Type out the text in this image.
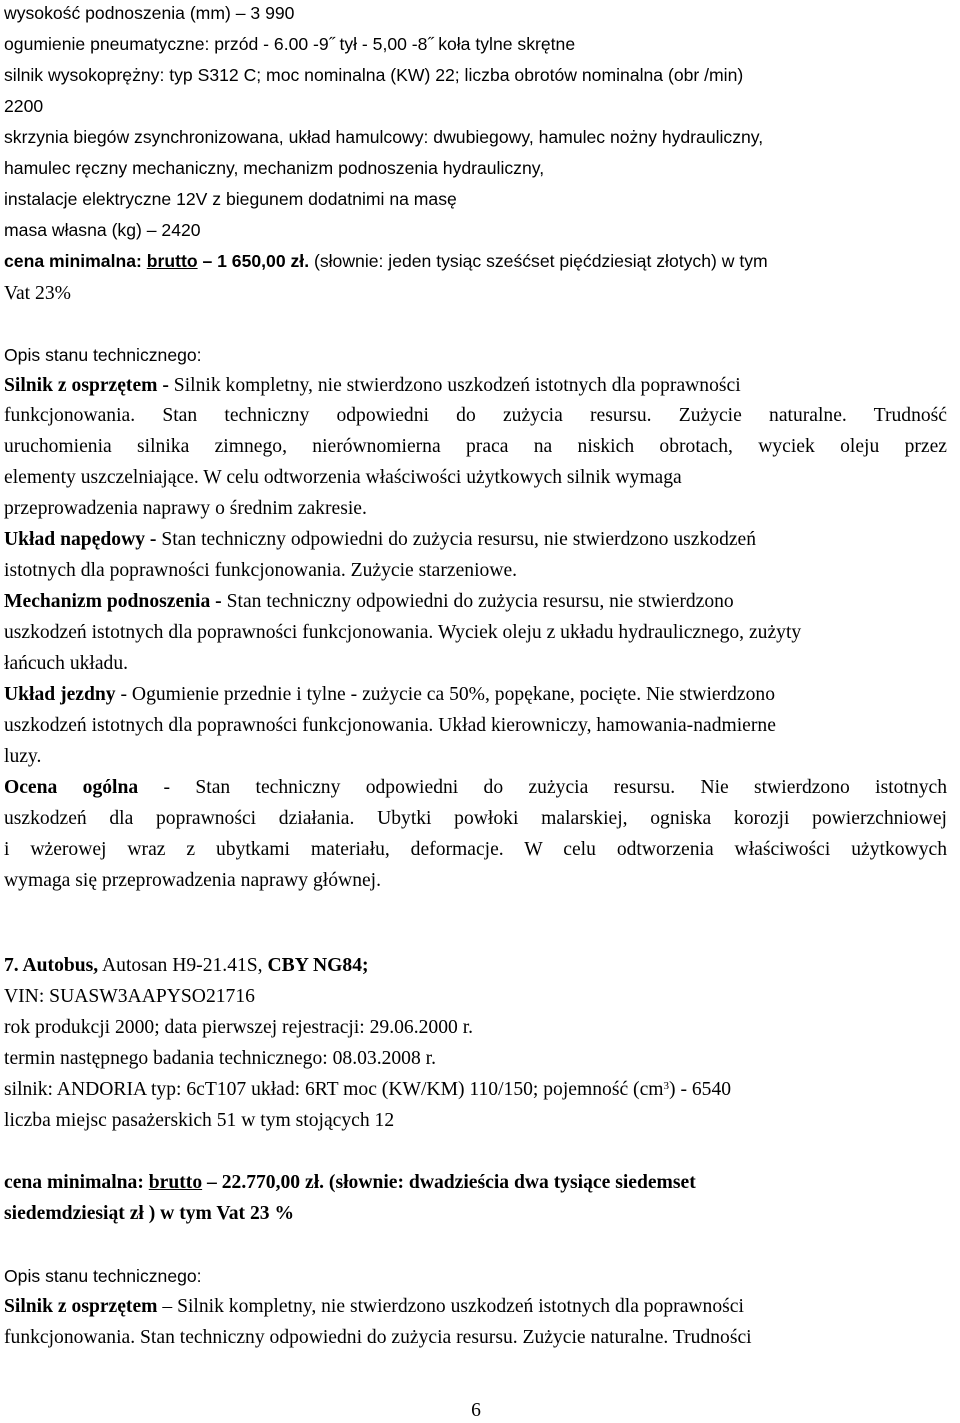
wysokość podnoszenia (mm) – 3 990
ogumienie pneumatyczne: przód - 6.00 -9˝ tył - 5,00 -8˝ koła tylne skrętne
silnik wysokoprężny: typ S312 C; moc nominalna (KW) 22; liczba obrotów nominalna (obr /min)
2200
skrzynia biegów zsynchronizowana, układ hamulcowy: dwubiegowy, hamulec nożny hydrauliczny,
hamulec ręczny mechaniczny, mechanizm podnoszenia hydrauliczny,
instalacje elektryczne 12V z biegunem dodatnimi na masę
masa własna (kg) – 2420
cena minimalna: brutto – 1 650,00 zł. (słownie: jeden tysiąc sześćset pięćdziesiąt złotych) w tym
Vat 23%
Opis stanu technicznego:
Silnik z osprzętem - Silnik kompletny, nie stwierdzono uszkodzeń istotnych dla poprawności
funkcjonowania. Stan techniczny odpowiedni do zużycia resursu. Zużycie naturalne. Trudność
uruchomienia silnika zimnego, nierównomierna praca na niskich obrotach, wyciek oleju przez
elementy uszczelniające. W celu odtworzenia właściwości użytkowych silnik wymaga
przeprowadzenia naprawy o średnim zakresie.
Układ napędowy - Stan techniczny odpowiedni do zużycia resursu, nie stwierdzono uszkodzeń
istotnych dla poprawności funkcjonowania. Zużycie starzeniowe.
Mechanizm podnoszenia - Stan techniczny odpowiedni do zużycia resursu, nie stwierdzono
uszkodzeń istotnych dla poprawności funkcjonowania. Wyciek oleju z układu hydraulicznego, zużyty
łańcuch układu.
Układ jezdny - Ogumienie przednie i tylne - zużycie ca 50%, popękane, pocięte. Nie stwierdzono
uszkodzeń istotnych dla poprawności funkcjonowania. Układ kierowniczy, hamowania-nadmierne
luzy.
Ocena ogólna - Stan techniczny odpowiedni do zużycia resursu. Nie stwierdzono istotnych
uszkodzeń dla poprawności działania. Ubytki powłoki malarskiej, ogniska korozji powierzchniowej
i wżerowej wraz z ubytkami materiału, deformacje. W celu odtworzenia właściwości użytkowych
wymaga się przeprowadzenia naprawy głównej.
7. Autobus, Autosan H9-21.41S, CBY NG84;
VIN: SUASW3AAPYSO21716
rok produkcji 2000; data pierwszej rejestracji: 29.06.2000 r.
termin następnego badania technicznego: 08.03.2008 r.
silnik: ANDORIA typ: 6cT107 układ: 6RT moc (KW/KM) 110/150; pojemność $(cm^3) - 6540$
liczba miejsc pasażerskich 51 w tym stojących 12
cena minimalna: brutto – 22.770,00 zł. (słownie: dwadzieścia dwa tysiące siedemset
siedemdziesiąt zł ) w tym Vat 23 %
Opis stanu technicznego:
Silnik z osprzętem – Silnik kompletny, nie stwierdzono uszkodzeń istotnych dla poprawności
funkcjonowania. Stan techniczny odpowiedni do zużycia resursu. Zużycie naturalne. Trudności
6
